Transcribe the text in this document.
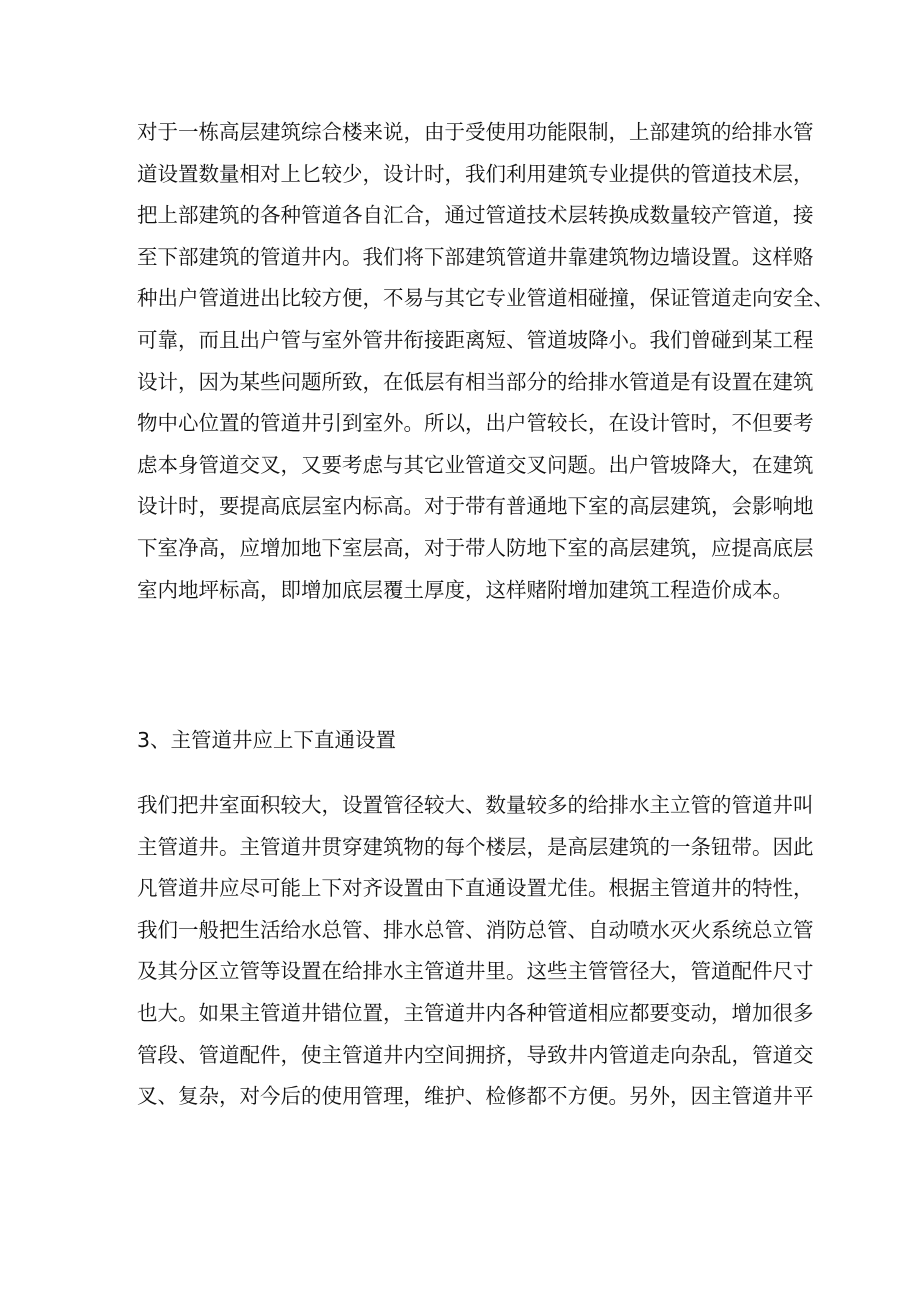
对于一栋高层建筑综合楼来说，由于受使用功能限制，上部建筑的给排水管
道设置数量相对上匕较少，设计时，我们利用建筑专业提供的管道技术层，
把上部建筑的各种管道各自汇合，通过管道技术层转换成数量较产管道，接
至下部建筑的管道井内。我们将下部建筑管道井靠建筑物边墙设置。这样赂
种出户管道进出比较方便，不易与其它专业管道相碰撞，保证管道走向安全、
可靠，而且出户管与室外管井衔接距离短、管道坡降小。我们曾碰到某工程
设计，因为某些问题所致，在低层有相当部分的给排水管道是有设置在建筑
物中心位置的管道井引到室外。所以，出户管较长，在设计管时，不但要考
虑本身管道交叉，又要考虑与其它业管道交叉问题。出户管坡降大，在建筑
设计时，要提高底层室内标高。对于带有普通地下室的高层建筑，会影响地
下室净高，应增加地下室层高，对于带人防地下室的高层建筑，应提高底层
室内地坪标高，即增加底层覆土厚度，这样赌附增加建筑工程造价成本。
3、主管道井应上下直通设置
我们把井室面积较大，设置管径较大、数量较多的给排水主立管的管道井叫
主管道井。主管道井贯穿建筑物的每个楼层，是高层建筑的一条钮带。因此
凡管道井应尽可能上下对齐设置由下直通设置尤佳。根据主管道井的特性，
我们一般把生活给水总管、排水总管、消防总管、自动喷水灭火系统总立管
及其分区立管等设置在给排水主管道井里。这些主管管径大，管道配件尺寸
也大。如果主管道井错位置，主管道井内各种管道相应都要变动，增加很多
管段、管道配件，使主管道井内空间拥挤，导致井内管道走向杂乱，管道交
叉、复杂，对今后的使用管理，维护、检修都不方便。另外，因主管道井平
